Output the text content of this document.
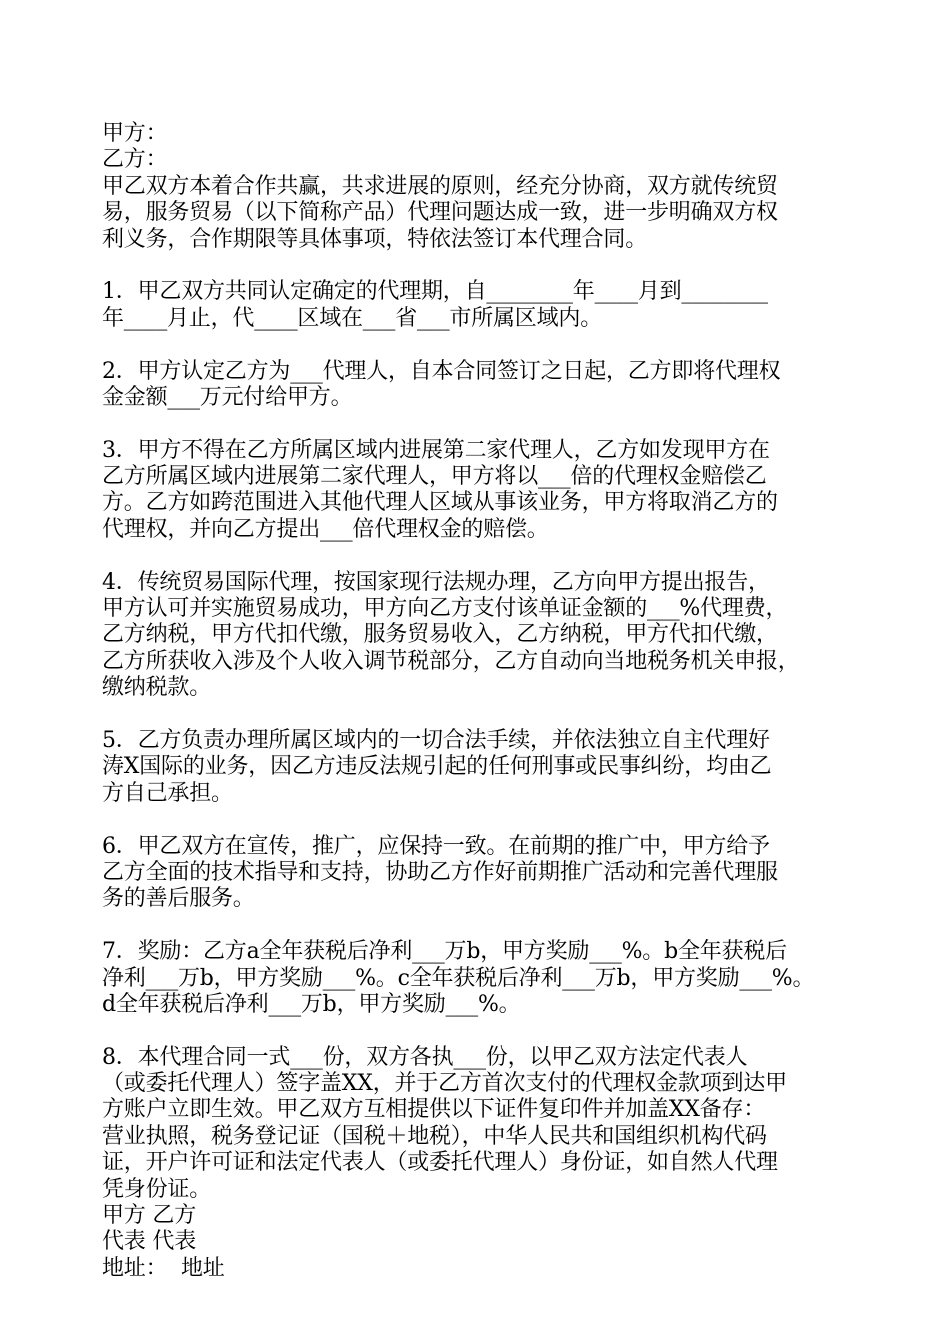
甲方：
乙方：
甲乙双方本着合作共赢，共求进展的原则，经充分协商，双方就传统贸
易，服务贸易（以下简称产品）代理问题达成一致，进一步明确双方权
利义务，合作期限等具体事项，特依法签订本代理合同。
1．甲乙双方共同认定确定的代理期，自________年____月到________
年____月止，代____区域在___省___市所属区域内。
2．甲方认定乙方为___代理人，自本合同签订之日起，乙方即将代理权
金金额___万元付给甲方。
3．甲方不得在乙方所属区域内进展第二家代理人，乙方如发现甲方在
乙方所属区域内进展第二家代理人，甲方将以___倍的代理权金赔偿乙
方。乙方如跨范围进入其他代理人区域从事该业务，甲方将取消乙方的
代理权，并向乙方提出___倍代理权金的赔偿。
4．传统贸易国际代理，按国家现行法规办理，乙方向甲方提出报告，
甲方认可并实施贸易成功，甲方向乙方支付该单证金额的___%代理费，
乙方纳税，甲方代扣代缴，服务贸易收入，乙方纳税，甲方代扣代缴，
乙方所获收入涉及个人收入调节税部分，乙方自动向当地税务机关申报，
缴纳税款。
5．乙方负责办理所属区域内的一切合法手续，并依法独立自主代理好
涛X国际的业务，因乙方违反法规引起的任何刑事或民事纠纷，均由乙
方自己承担。
6．甲乙双方在宣传，推广，应保持一致。在前期的推广中，甲方给予
乙方全面的技术指导和支持，协助乙方作好前期推广活动和完善代理服
务的善后服务。
7．奖励：乙方a全年获税后净利___万b，甲方奖励___%。b全年获税后
净利___万b，甲方奖励___%。c全年获税后净利___万b，甲方奖励___%。
d全年获税后净利___万b，甲方奖励___%。
8．本代理合同一式___份，双方各执___份，以甲乙双方法定代表人
（或委托代理人）签字盖XX，并于乙方首次支付的代理权金款项到达甲
方账户立即生效。甲乙双方互相提供以下证件复印件并加盖XX备存：
营业执照，税务登记证（国税＋地税），中华人民共和国组织机构代码
证，开户许可证和法定代表人（或委托代理人）身份证，如自然人代理
凭身份证。
甲方 乙方
代表 代表
地址：  地址
